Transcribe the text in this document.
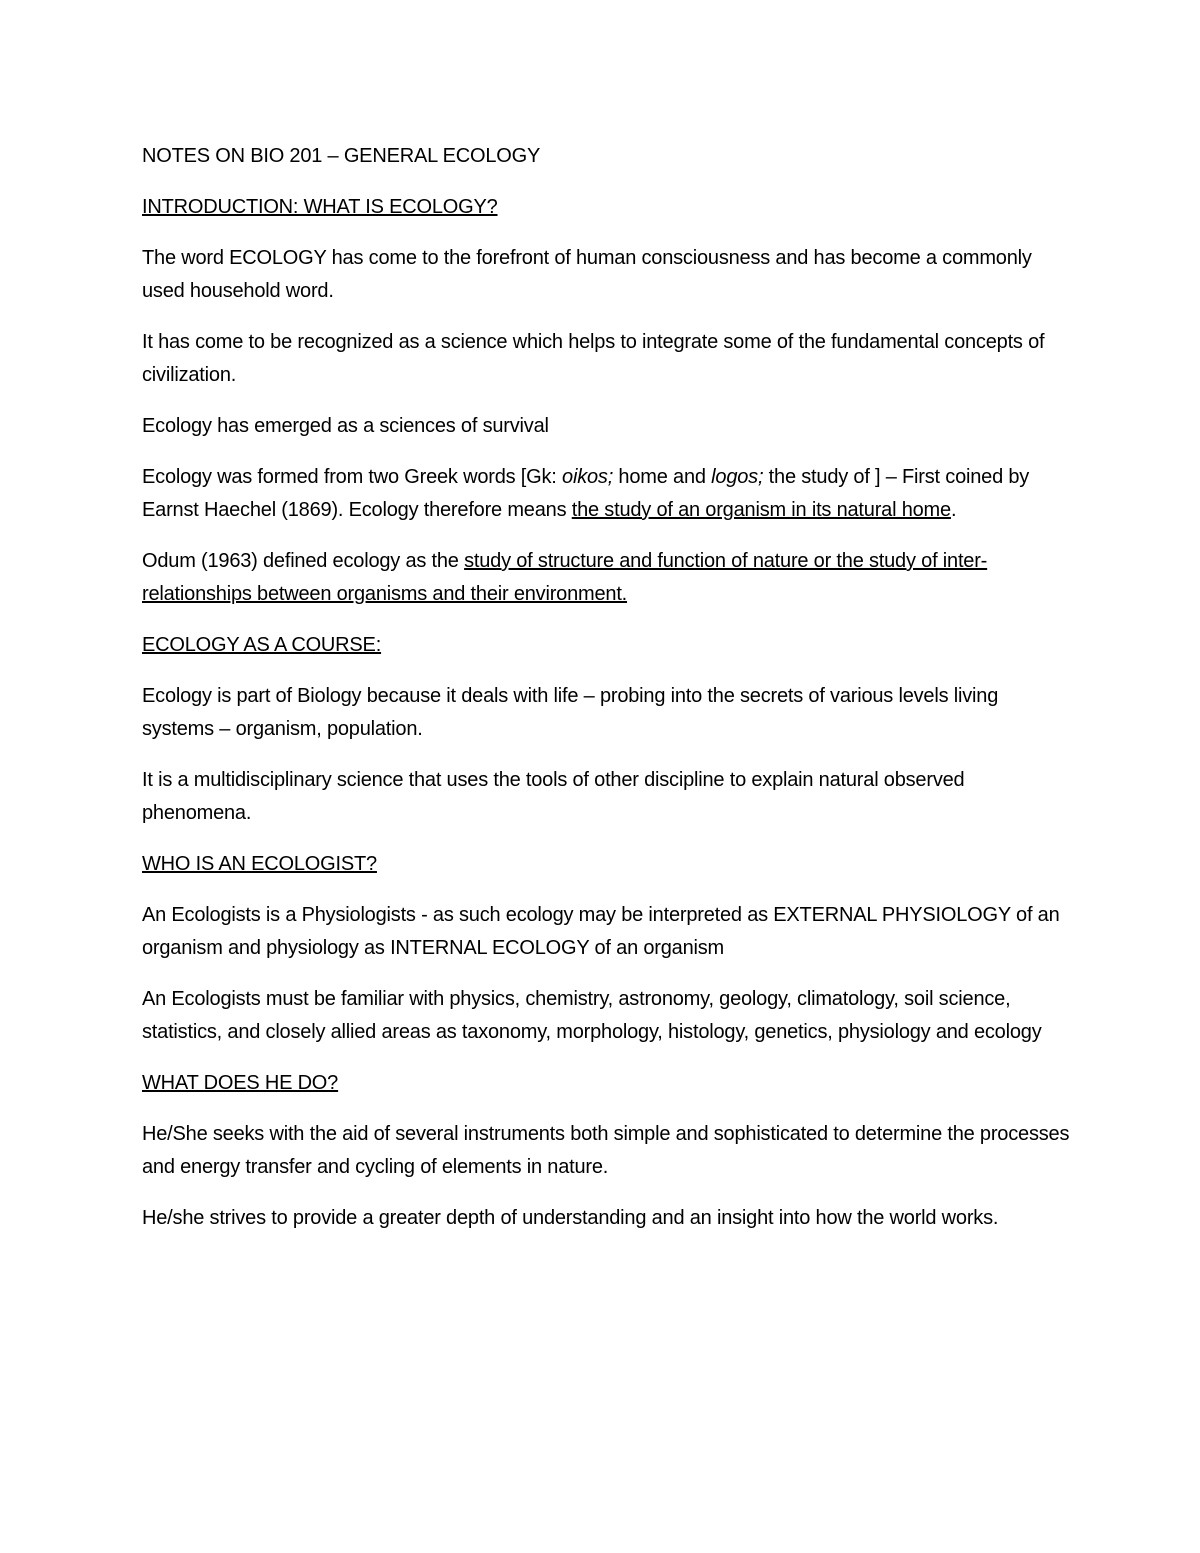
NOTES ON BIO 201 – GENERAL ECOLOGY

INTRODUCTION: WHAT IS ECOLOGY?

The word ECOLOGY has come to the forefront of human consciousness and has become a commonly used household word.

It has come to be recognized as a science which helps to integrate some of the fundamental concepts of civilization.

Ecology has emerged as a sciences of survival

Ecology was formed from two Greek words [Gk: oikos; home and logos; the study of ] – First coined by Earnst Haechel (1869). Ecology therefore means the study of an organism in its natural home.

Odum (1963) defined ecology as the study of structure and function of nature or the study of inter-relationships between organisms and their environment.

ECOLOGY AS A COURSE:

Ecology is part of Biology because it deals with life – probing into the secrets of various levels living systems – organism, population.

It is a multidisciplinary science that uses the tools of other discipline to explain natural observed phenomena.

WHO IS AN ECOLOGIST?

An Ecologists is a Physiologists - as such ecology may be interpreted as EXTERNAL PHYSIOLOGY of an organism and physiology as INTERNAL ECOLOGY of an organism

An Ecologists must be familiar with physics, chemistry, astronomy, geology, climatology, soil science, statistics, and closely allied areas as taxonomy, morphology, histology, genetics, physiology and ecology

WHAT DOES HE DO?

He/She seeks with the aid of several instruments both simple and sophisticated to determine the processes and energy transfer and cycling of elements in nature.

He/she strives to provide a greater depth of understanding and an insight into how the world works.
